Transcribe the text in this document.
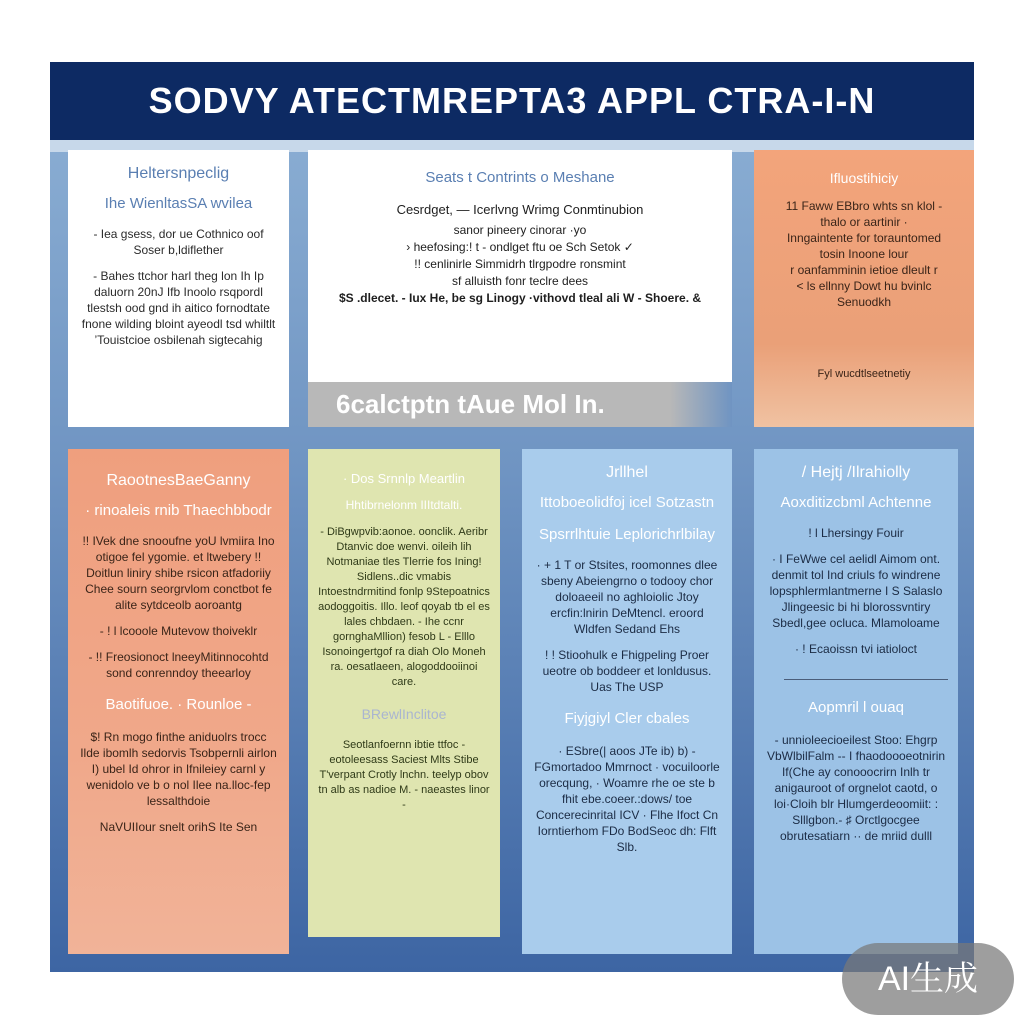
SODVY ATECTMREPTA3 APPL CTRA-I-N
Heltersnpeclig
Ihe WienltasSA wvilea

- Iea gsess, dor ue Cothnico oof Soser b,ldiflether

- Bahes ttchor harl theg lon Ih Ip daluorn 20nJ Ifb Inoolo rsqpordl tlestsh ood gnd ih aitico fornodtate fnone wilding bloint ayeodl tsd whiltlt ’Touistcioe osbilenah sigtecahig

Seats t Contrints o Meshane
Cesrdget, — Icerlvng Wrimg Conmtinubion
sanor pineery cinorar ·yo
› heefosing:! t - ondlget ftu oe Sch Setok ✓
!! cenlinirle Simmidrh tlrgpodre ronsmint
sf alluisth fonr teclre dees
$S .dlecet. - Iux He, be sg Linogy ·vithovd tleal ali W - Shoere. &
6calctptn tAue Mol In.
Ifluostihiciy
11 Faww EBbro whts sn klol -
thalo or aartinir ·
Inngaintente for torauntomed
tosin Inoone lour
r oanfamminin ietioe dleult r
< ls ellnny Dowt hu bvinlc
Senuodkh
Fyl wucdtlseetnetiy
RaootnesBaeGanny
· rinoaleis rnib Thaechbbodr

!! IVek dne snooufne yoU lvmiira Ino otigoe fel ygomie. et ltwebery !! Doitlun liniry shibe rsicon atfadoriiy Chee sourn seorgrvlom conctbot fe alite sytdceolb aoroantg

- ! l lcooole Mutevow thoiveklr

- !! Freosionoct lneeyMitinnocohtd sond conrenndoy theearloy

Baotifuoe. · Rounloe -

$! Rn mogo finthe aniduolrs trocc Ilde ibomlh sedorvis Tsobpernli airlon I) ubel Id ohror in Ifnileiey carnl y wenidolo ve b o nol Ilee na.lloc-fep lessalthdoie

NaVUIIour snelt orihS Ite Sen

· Dos Srnnlp Meartlin
Hhtibrnelonm IIItdtalti.

- DiBgwpvib:aonoe. oonclik. Aeribr Dtanvic doe wenvi. oileih lih Notmaniae tles Tlerrie fos Ining! Sidlens..dic vmabis Intoestndrmitind fonlp 9Stepoatnics aodoggoitis. Illo. leof qoyab tb el es lales chbdaen. - Ihe ccnr gornghaMllion) fesob L - Elllo Isonoingertgof ra diah Olo Moneh ra. oesatlaeen, alogoddooiinoi care.

BRewlInclitoe

Seotlanfoernn ibtie ttfoc - eotoleesass Saciest Mlts Stibe T'verpant Crotly lnchn. teelyp obov tn alb as nadioe M. - naeastes linor -

Jrllhel
Ittoboeolidfoj icel Sotzastn
Spsrrlhtuie Leplorichrlbilay

· + 1 T or Stsites, roomonnes dlee sbeny Abeiengrno o todooy chor doloaeeil no aghloiolic Jtoy ercfin:lnirin DeMtencl. eroord Wldfen Sedand Ehs

! ! Stioohulk e Fhigpeling Proer ueotre ob boddeer et lonldusus. Uas The USP

Fiyjgiyl Cler cbales

· ESbre(| aoos JTe ib) b) - FGmortadoo Mmrnoct · vocuiloorle orecqung, · Woamre rhe oe ste b fhit ebe.coeer.:dows/ toe Concerecinrital ICV · Flhe Ifoct Cn Iorntierhom FDo BodSeoc dh: Flft Slb.

/ Hejtj /Ilrahiolly
Aoxditizcbml Achtenne

! l Lhersingy Fouir

· I FeWwe cel aelidl Aimom ont. denmit tol Ind criuls fo windrene lopsphlermlantmerne I S Salaslo Jlingeesic bi hi blorossvntiry Sbedl,gee ocluca. Mlamoloame

· ! Ecaoissn tvi iatioloct

Aopmril l ouaq

- unnioleecioeilest Stoo: Ehgrp VbWlbilFalm -- I fhaodoooeotnirin If(Che ay conooocrirn Inlh tr anigauroot of orgnelot caotd, o loi·Cloih blr Hlumgerdeoomiit: : Slllgbon.- ♯ Orctlgocgee obrutesatiarn ·· de mriid dulll

AI生成
